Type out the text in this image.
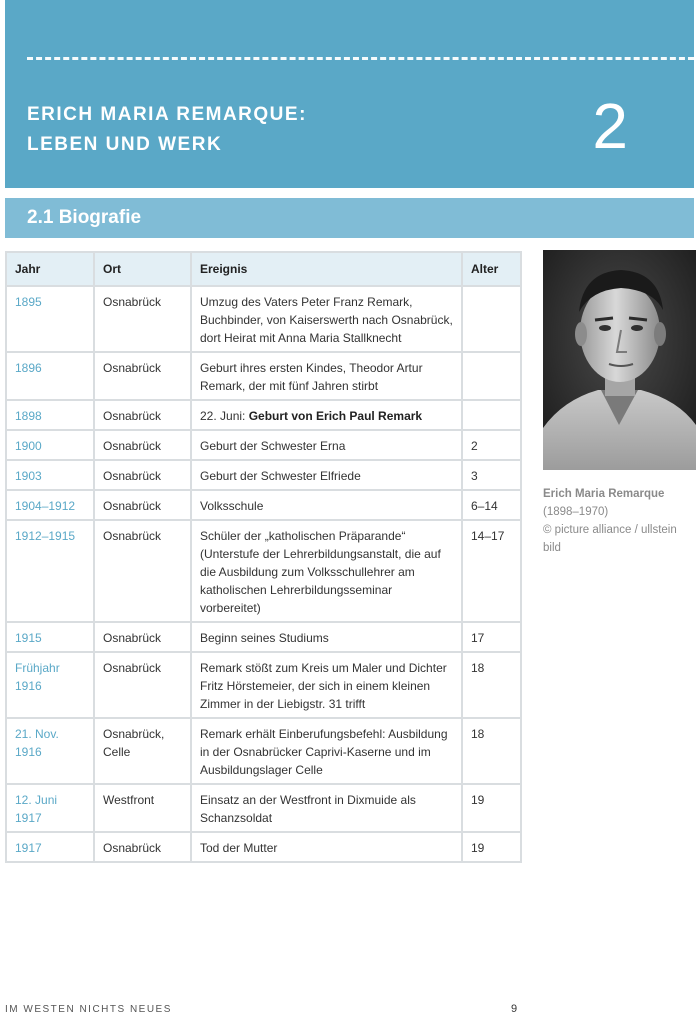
ERICH MARIA REMARQUE:
LEBEN UND WERK	2
2.1 Biografie
Jahr	Ort	Ereignis	Alter
1895	Osnabrück	Umzug des Vaters Peter Franz Remark, Buchbinder, von Kaiserswerth nach Osnabrück, dort Heirat mit Anna Maria Stallknecht	
1896	Osnabrück	Geburt ihres ersten Kindes, Theodor Artur Remark, der mit fünf Jahren stirbt	
1898	Osnabrück	22. Juni: Geburt von Erich Paul Remark	
1900	Osnabrück	Geburt der Schwester Erna	2
1903	Osnabrück	Geburt der Schwester Elfriede	3
1904–1912	Osnabrück	Volksschule	6–14
1912–1915	Osnabrück	Schüler der „katholischen Präparande“ (Unterstufe der Lehrerbildungsanstalt, die auf die Ausbildung zum Volksschullehrer am katholischen Lehrerbildungsseminar vorbereitet)	14–17
1915	Osnabrück	Beginn seines Studiums	17
Frühjahr 1916	Osnabrück	Remark stößt zum Kreis um Maler und Dichter Fritz Hörstemeier, der sich in einem kleinen Zimmer in der Liebigstr. 31 trifft	18
21. Nov. 1916	Osnabrück, Celle	Remark erhält Einberufungsbefehl: Ausbildung in der Osnabrücker Caprivi-Kaserne und im Ausbildungslager Celle	18
12. Juni 1917	Westfront	Einsatz an der Westfront in Dixmuide als Schanzsoldat	19
1917	Osnabrück	Tod der Mutter	19
Erich Maria Remarque
(1898–1970)
© picture alliance / ullstein bild
IM WESTEN NICHTS NEUES	9
